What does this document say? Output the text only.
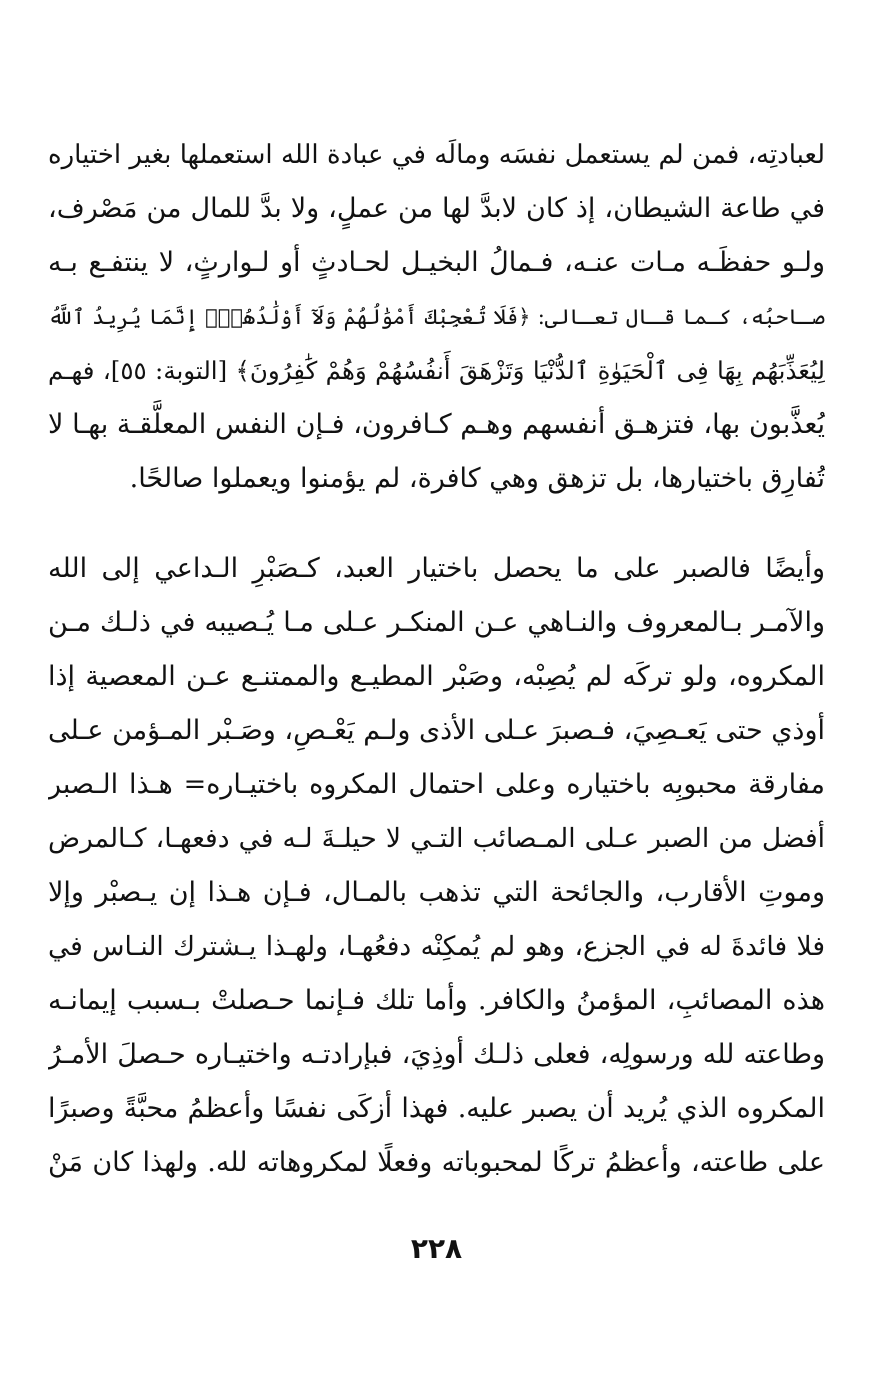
لعبادتِه، فمن لم يستعمل نفسَه ومالَه في عبادة الله استعملها بغير اختياره
في طاعة الشيطان، إذ كان لابدَّ لها من عملٍ، ولا بدَّ للمال من مَصْرف،
ولـو حفظَـه مـات عنـه، فـمالُ البخيـل لحـادثٍ أو لـوارثٍ، لا ينتفـع بـه
صـاحبُه، كـما قـال تعـالى: ﴿فَلَا تُعْجِبْكَ أَمْوَٰلُهُمْ وَلَآ أَوْلَٰدُهُمْۚ إِنَّمَا يُرِيدُ ٱللَّهُ
لِيُعَذِّبَهُم بِهَا فِى ٱلْحَيَوٰةِ ٱلدُّنْيَا وَتَزْهَقَ أَنفُسُهُمْ وَهُمْ كَٰفِرُونَ﴾ [التوبة: ٥٥]، فهـم
يُعذَّبون بها، فتزهـق أنفسهم وهـم كـافرون، فـإن النفس المعلَّقـة بهـا لا
تُفارِق باختيارها، بل تزهق وهي كافرة، لم يؤمنوا ويعملوا صالحًا.
وأيضًا فالصبر على ما يحصل باختيار العبد، كـصَبْرِ الـداعي إلى الله
والآمـر بـالمعروف والنـاهي عـن المنكـر عـلى مـا يُـصيبه في ذلـك مـن
المكروه، ولو تركَه لم يُصِبْه، وصَبْر المطيـع والممتنـع عـن المعصية إذا
أوذي حتى يَعـصِيَ، فـصبرَ عـلى الأذى ولـم يَعْـصِ، وصَـبْر المـؤمن عـلى
مفارقة محبوبِه باختياره وعلى احتمال المكروه باختيـاره= هـذا الـصبر
أفضل من الصبر عـلى المـصائب التـي لا حيلـةَ لـه في دفعهـا، كـالمرض
وموتِ الأقارب، والجائحة التي تذهب بالمـال، فـإن هـذا إن يـصبْر وإلا
فلا فائدةَ له في الجزع، وهو لم يُمكِنْه دفعُهـا، ولهـذا يـشترك النـاس في
هذه المصائبِ، المؤمنُ والكافر. وأما تلك فـإنما حـصلتْ بـسبب إيمانـه
وطاعته لله ورسولِه، فعلى ذلـك أوذِيَ، فبإرادتـه واختيـاره حـصلَ الأمـرُ
المكروه الذي يُريد أن يصبر عليه. فهذا أزكَى نفسًا وأعظمُ محبَّةً وصبرًا
على طاعته، وأعظمُ تركًا لمحبوباته وفعلًا لمكروهاته لله. ولهذا كان مَنْ
٢٢٨
